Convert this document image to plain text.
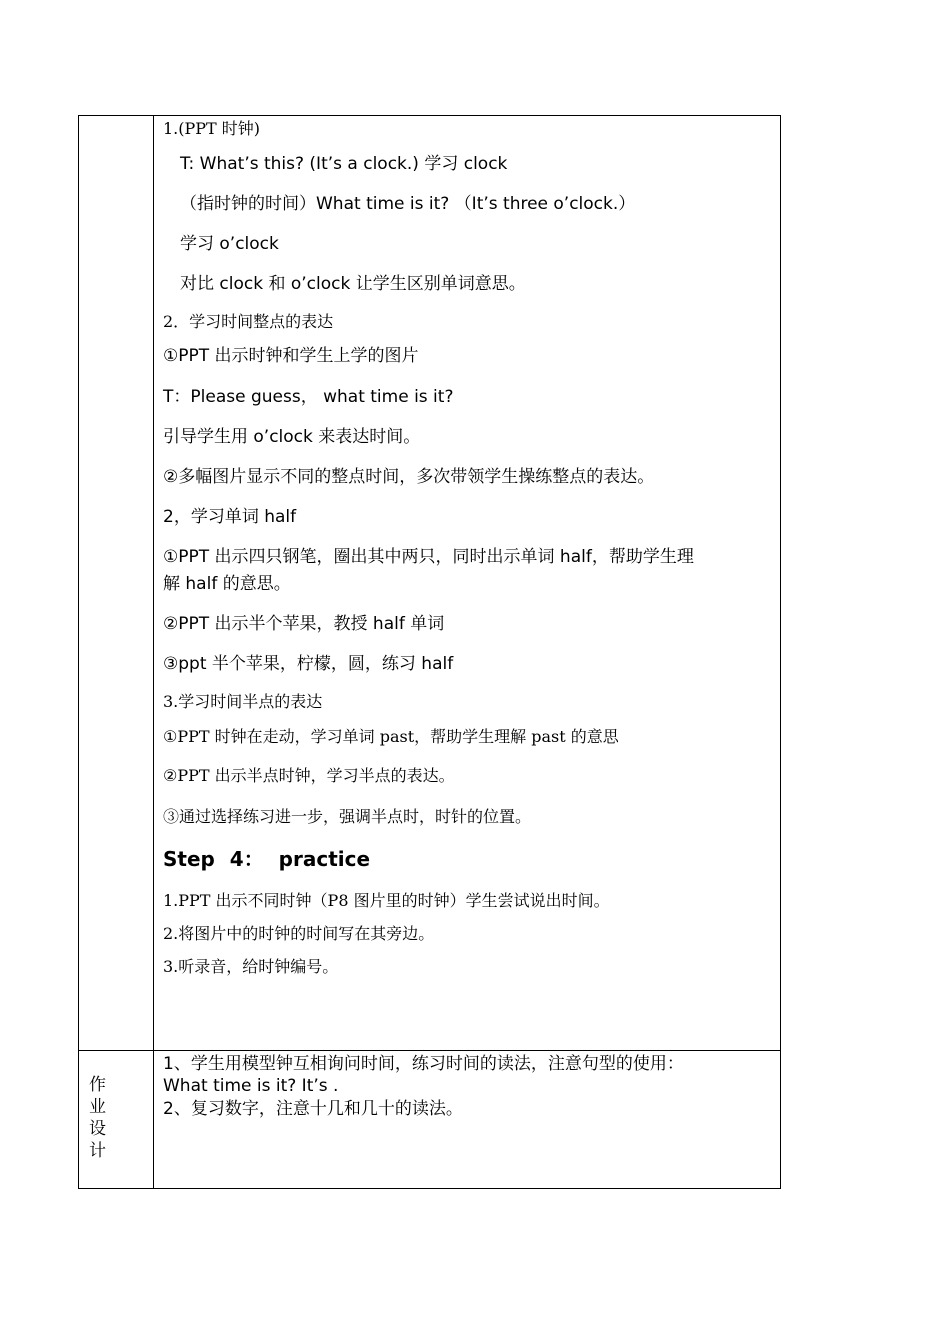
1.(PPT 时钟)
T: What’s this? (It’s a clock.) 学习 clock
（指时钟的时间）What time is it? （It’s three o’clock.）
学习 o’clock
对比 clock 和 o’clock 让学生区别单词意思。
2．学习时间整点的表达
①PPT 出示时钟和学生上学的图片
T：Please guess， what time is it?
引导学生用 o’clock 来表达时间。
②多幅图片显示不同的整点时间，多次带领学生操练整点的表达。
2，学习单词 half
①PPT 出示四只钢笔，圈出其中两只，同时出示单词 half，帮助学生理
解 half 的意思。
②PPT 出示半个苹果，教授 half 单词
③ppt 半个苹果，柠檬，圆，练习 half
3.学习时间半点的表达
①PPT 时钟在走动，学习单词 past，帮助学生理解 past 的意思
②PPT 出示半点时钟，学习半点的表达。
③通过选择练习进一步，强调半点时，时针的位置。
Step 4： practice
1.PPT 出示不同时钟（P8 图片里的时钟）学生尝试说出时间。
2.将图片中的时钟的时间写在其旁边。
3.听录音，给时钟编号。
作业设计
1、学生用模型钟互相询问时间，练习时间的读法，注意句型的使用：
What time is it? It’s .
2、复习数字，注意十几和几十的读法。
